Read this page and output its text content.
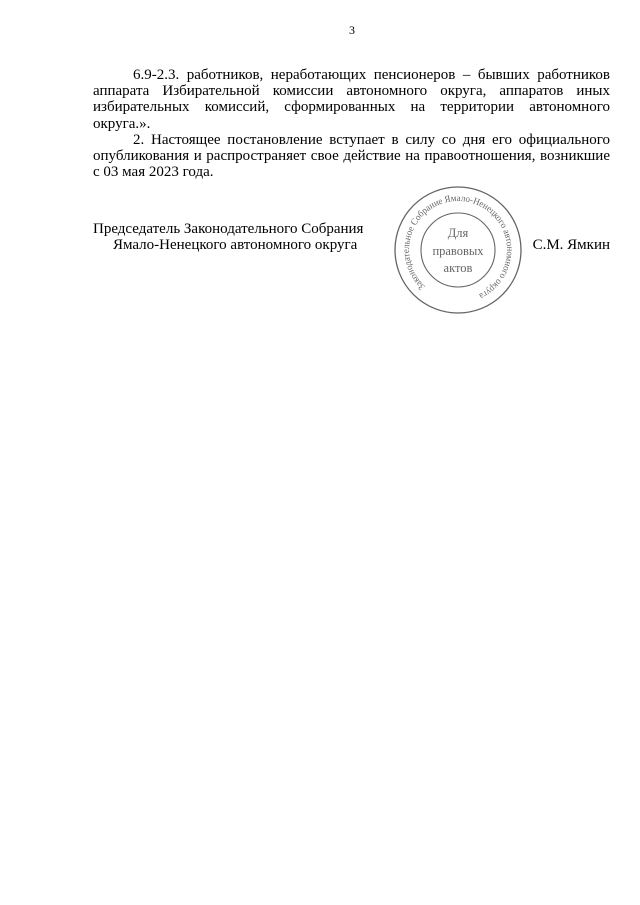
3
6.9-2.3. работников, неработающих пенсионеров – бывших работников
аппарата Избирательной комиссии автономного округа, аппаратов иных
избирательных комиссий, сформированных на территории автономного
округа.».
2. Настоящее постановление вступает в силу со дня его официального
опубликования и распространяет свое действие на правоотношения, возникшие
с 03 мая 2023 года.
Председатель Законодательного Собрания
Ямало-Ненецкого автономного округа	С.М. Ямкин
Законодательное Собрание Ямало-Ненецкого автономного округа
Для
правовых
актов
